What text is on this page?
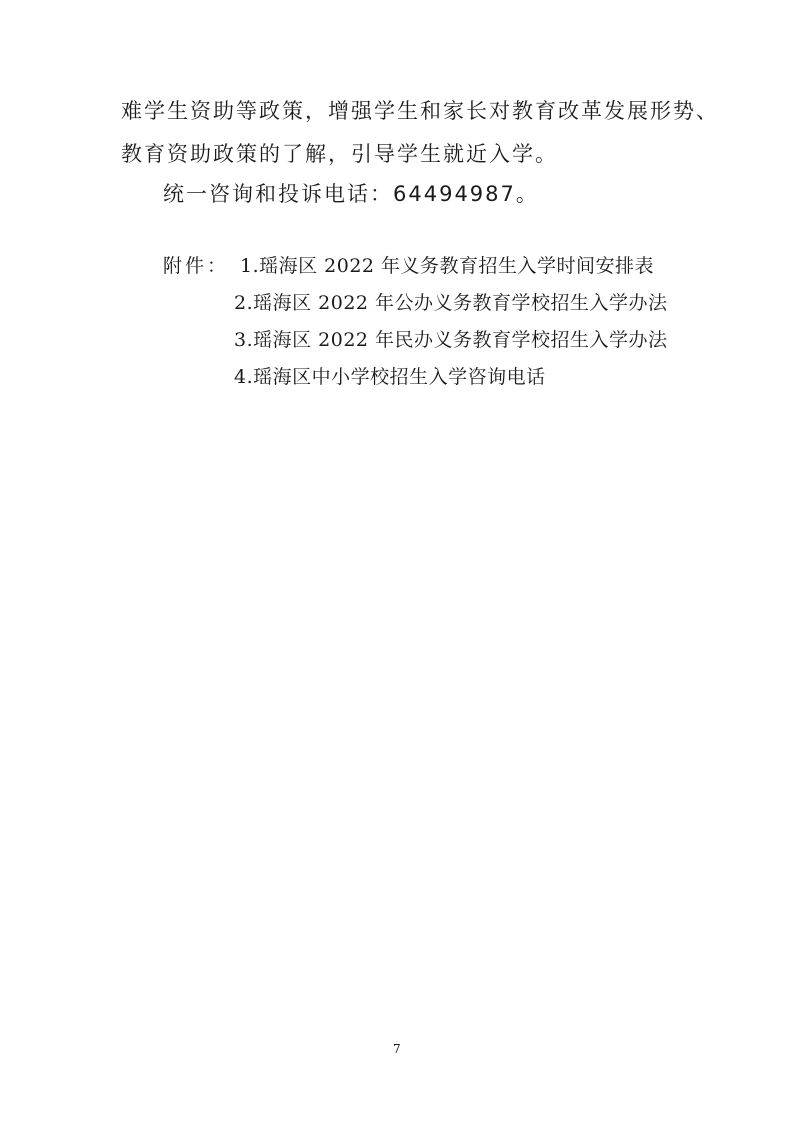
难学生资助等政策，增强学生和家长对教育改革发展形势、
教育资助政策的了解，引导学生就近入学。
统一咨询和投诉电话：64494987。
附件： 1.瑶海区 2022 年义务教育招生入学时间安排表
2.瑶海区 2022 年公办义务教育学校招生入学办法
3.瑶海区 2022 年民办义务教育学校招生入学办法
4.瑶海区中小学校招生入学咨询电话
7
